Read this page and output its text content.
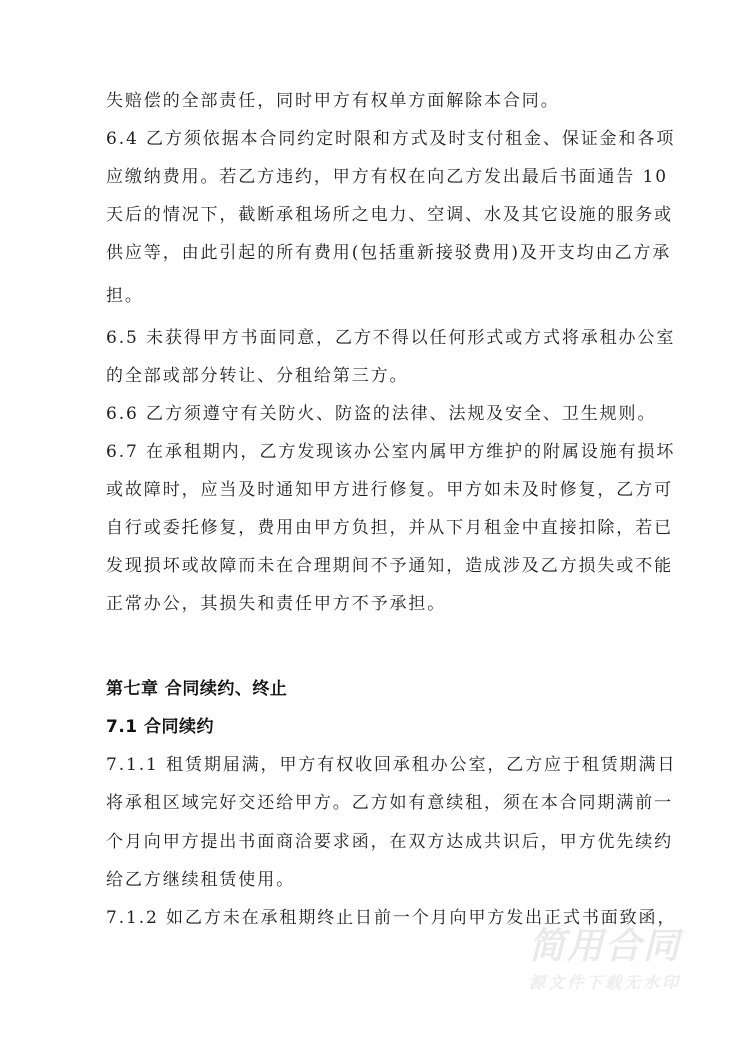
失赔偿的全部责任，同时甲方有权单方面解除本合同。
6.4 乙方须依据本合同约定时限和方式及时支付租金、保证金和各项
应缴纳费用。若乙方违约，甲方有权在向乙方发出最后书面通告 10
天后的情况下，截断承租场所之电力、空调、水及其它设施的服务或
供应等，由此引起的所有费用(包括重新接驳费用)及开支均由乙方承
担。
6.5 未获得甲方书面同意，乙方不得以任何形式或方式将承租办公室
的全部或部分转让、分租给第三方。
6.6 乙方须遵守有关防火、防盗的法律、法规及安全、卫生规则。
6.7 在承租期内，乙方发现该办公室内属甲方维护的附属设施有损坏
或故障时，应当及时通知甲方进行修复。甲方如未及时修复，乙方可
自行或委托修复，费用由甲方负担，并从下月租金中直接扣除，若已
发现损坏或故障而未在合理期间不予通知，造成涉及乙方损失或不能
正常办公，其损失和责任甲方不予承担。
第七章 合同续约、终止
7.1 合同续约
7.1.1 租赁期届满，甲方有权收回承租办公室，乙方应于租赁期满日
将承租区域完好交还给甲方。乙方如有意续租，须在本合同期满前一
个月向甲方提出书面商洽要求函，在双方达成共识后，甲方优先续约
给乙方继续租赁使用。
7.1.2 如乙方未在承租期终止日前一个月向甲方发出正式书面致函，
简用合同
源文件下载无水印
